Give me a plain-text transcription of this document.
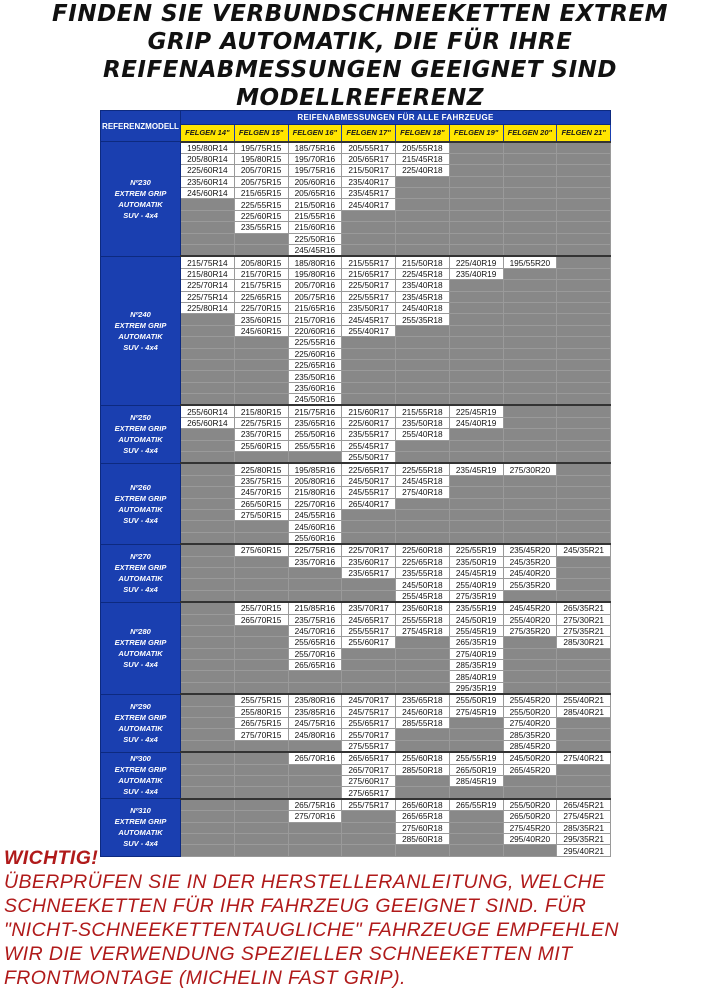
FINDEN SIE VERBUNDSCHNEEKETTEN EXTREM
GRIP AUTOMATIK, DIE FÜR IHRE
REIFENABMESSUNGEN GEEIGNET SIND
MODELLREFERENZ
REFERENZMODELL	REIFENABMESSUNGEN FÜR ALLE FAHRZEUGE							
	FELGEN 14"	FELGEN 15"	FELGEN 16"	FELGEN 17"	FELGEN 18"	FELGEN 19"	FELGEN 20"	FELGEN 21"

Nº230
EXTREM GRIP
AUTOMATIK
SUV - 4x4	195/80R14	195/75R15	185/75R16	205/55R17	205/55R18			
	205/80R14	195/80R15	195/70R16	205/65R17	215/45R18			
	225/60R14	205/70R15	195/75R16	215/50R17	225/40R18			
	235/60R14	205/75R15	205/60R16	235/40R17				
	245/60R14	215/65R15	205/65R16	235/45R17				
		225/55R15	215/50R16	245/40R17				
		225/60R15	215/55R16					
		235/55R15	215/60R16					
			225/50R16					
			245/45R16					

Nº240
EXTREM GRIP
AUTOMATIK
SUV - 4x4	215/75R14	205/80R15	185/80R16	215/55R17	215/50R18	225/40R19	195/55R20	
	215/80R14	215/70R15	195/80R16	215/65R17	225/45R18	235/40R19		
	225/70R14	215/75R15	205/70R16	225/50R17	235/40R18			
	225/75R14	225/65R15	205/75R16	225/55R17	235/45R18			
	225/80R14	225/70R15	215/65R16	235/50R17	245/40R18			
		235/60R15	215/70R16	245/45R17	255/35R18			
		245/60R15	220/60R16	255/40R17				
			225/55R16					
			225/60R16					
			225/65R16					
			235/50R16					
			235/60R16					
			245/50R16					

Nº250
EXTREM GRIP
AUTOMATIK
SUV - 4x4	255/60R14	215/80R15	215/75R16	215/60R17	215/55R18	225/45R19		
	265/60R14	225/75R15	235/65R16	225/60R17	235/50R18	245/40R19		
		235/70R15	255/50R16	235/55R17	255/40R18			
		255/60R15	255/55R16	255/45R17				
				255/50R17				

Nº260
EXTREM GRIP
AUTOMATIK
SUV - 4x4		225/80R15	195/85R16	225/65R17	225/55R18	235/45R19	275/30R20	
		235/75R15	205/80R16	245/50R17	245/45R18			
		245/70R15	215/80R16	245/55R17	275/40R18			
		265/50R15	225/70R16	265/40R17				
		275/50R15	245/55R16					
			245/60R16					
			255/60R16					

Nº270
EXTREM GRIP
AUTOMATIK
SUV - 4x4		275/60R15	225/75R16	225/70R17	225/60R18	225/55R19	235/45R20	245/35R21
			235/70R16	235/60R17	225/65R18	235/50R19	245/35R20	
				235/65R17	235/55R18	245/45R19	245/40R20	
					245/50R18	255/40R19	255/35R20	
					255/45R18	275/35R19		

Nº280
EXTREM GRIP
AUTOMATIK
SUV - 4x4		255/70R15	215/85R16	235/70R17	235/60R18	235/55R19	245/45R20	265/35R21
		265/70R15	235/75R16	245/65R17	255/55R18	245/50R19	255/40R20	275/30R21
			245/70R16	255/55R17	275/45R18	255/45R19	275/35R20	275/35R21
			255/65R16	255/60R17		265/35R19		285/30R21
			255/70R16			275/40R19		
			265/65R16			285/35R19		
						285/40R19		
						295/35R19		

Nº290
EXTREM GRIP
AUTOMATIK
SUV - 4x4		255/75R15	235/80R16	245/70R17	235/65R18	255/50R19	255/45R20	255/40R21
		255/80R15	235/85R16	245/75R17	245/60R18	275/45R19	255/50R20	285/40R21
		265/75R15	245/75R16	255/65R17	285/55R18		275/40R20	
		275/70R15	245/80R16	255/70R17			285/35R20	
				275/55R17			285/45R20	

Nº300
EXTREM GRIP
AUTOMATIK
SUV - 4x4			265/70R16	265/65R17	255/60R18	255/55R19	245/50R20	275/40R21
				265/70R17	285/50R18	265/50R19	265/45R20	
				275/60R17		285/45R19		
				275/65R17				

Nº310
EXTREM GRIP
AUTOMATIK
SUV - 4x4			265/75R16	255/75R17	265/60R18	265/55R19	255/50R20	265/45R21
			275/70R16		265/65R18		265/50R20	275/45R21
					275/60R18		275/45R20	285/35R21
					285/60R18		295/40R20	295/35R21
								295/40R21
WICHTIG!
ÜBERPRÜFEN SIE IN DER HERSTELLERANLEITUNG, WELCHE
SCHNEEKETTEN FÜR IHR FAHRZEUG GEEIGNET SIND. FÜR
"NICHT-SCHNEEKETTENTAUGLICHE" FAHRZEUGE EMPFEHLEN
WIR DIE VERWENDUNG SPEZIELLER SCHNEEKETTEN MIT
FRONTMONTAGE (MICHELIN FAST GRIP).
